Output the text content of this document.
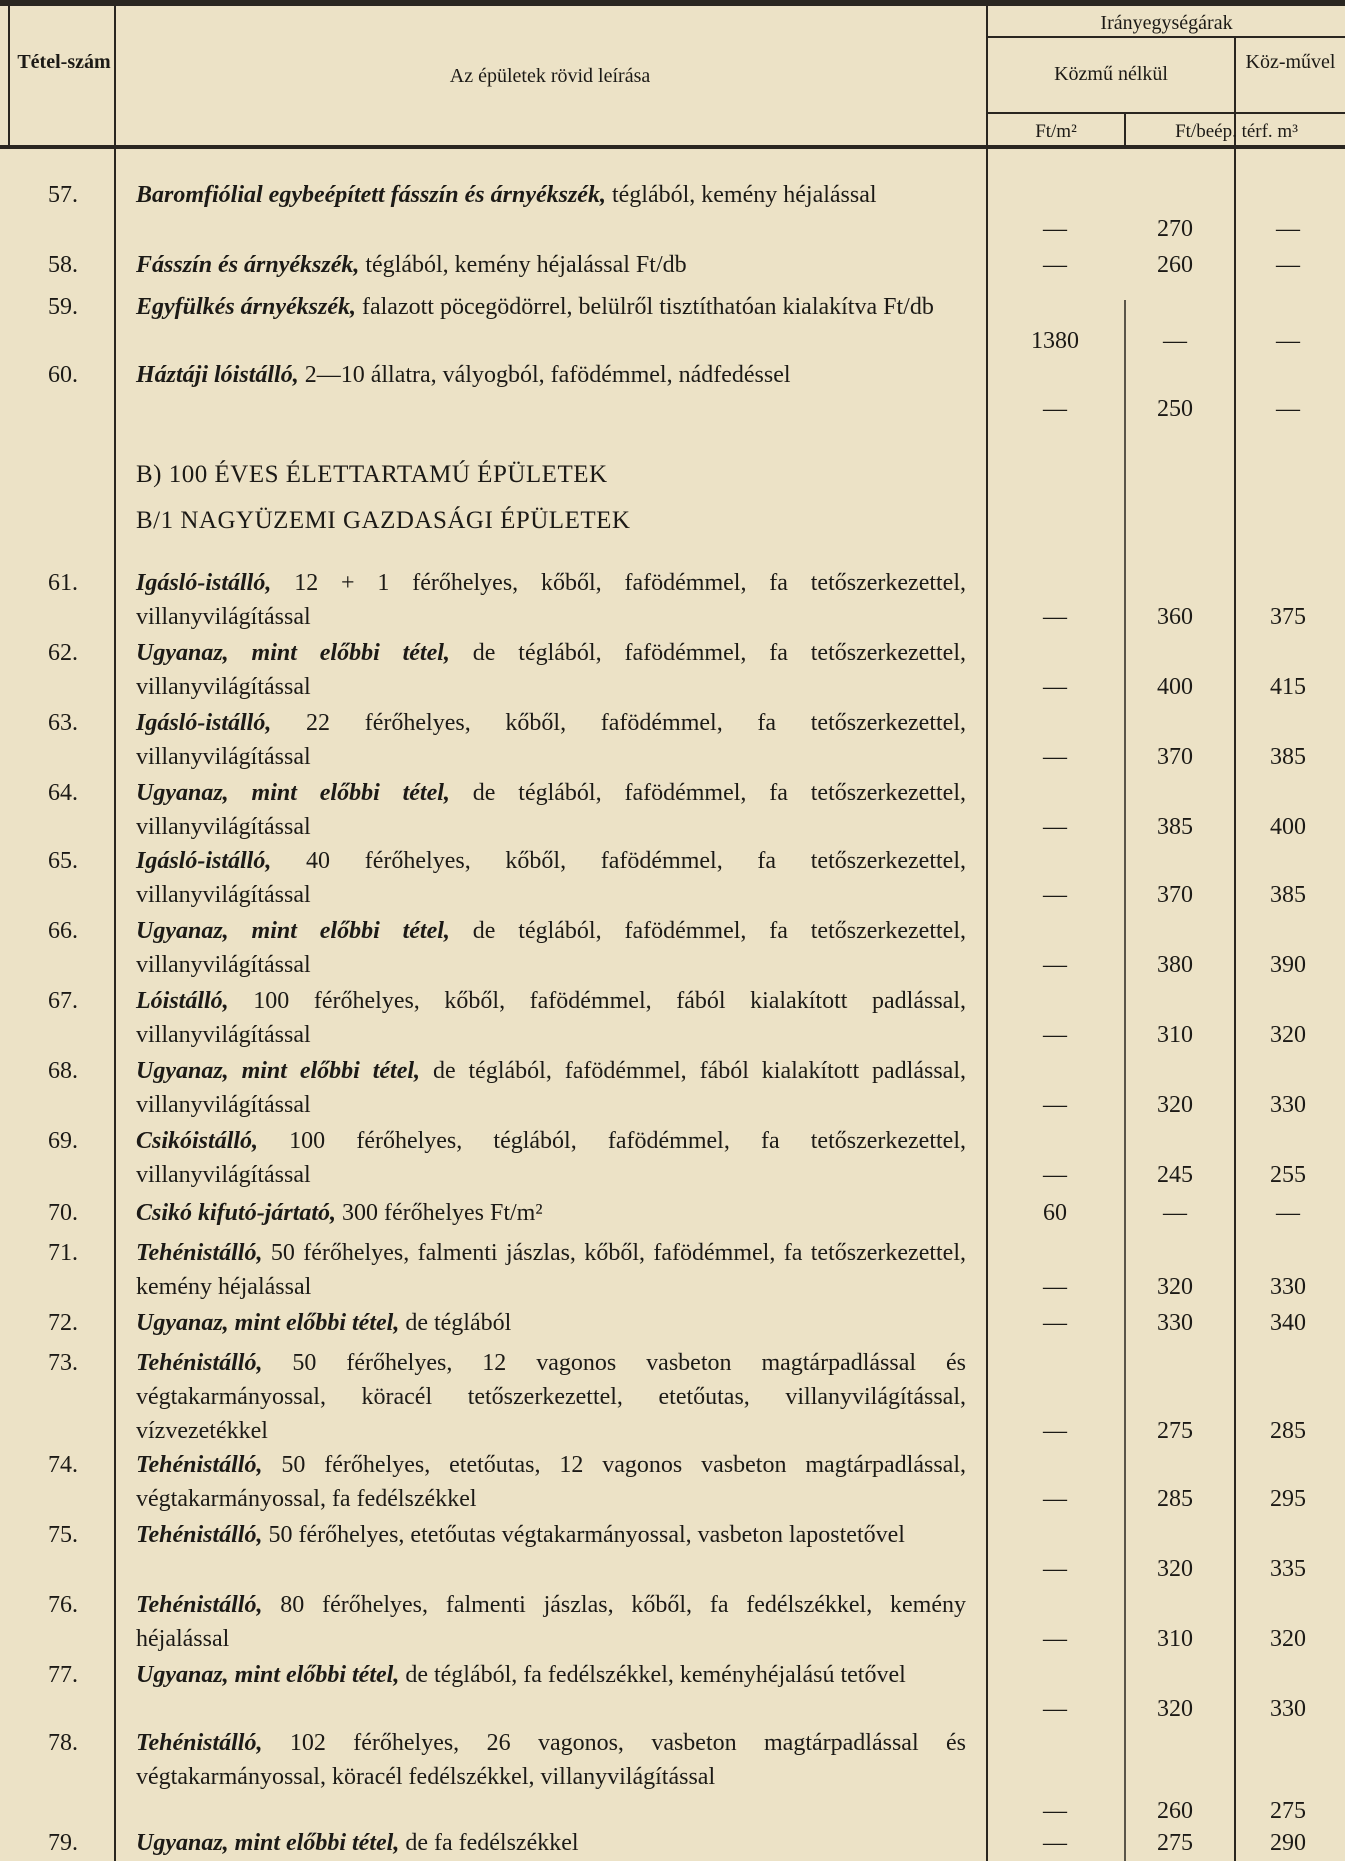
Tétel-szám
Az épületek rövid leírása
Irányegységárak
Közmű nélkül
Köz-művel
Ft/m²	Ft/beép. térf. m³
57.	Baromfiólial egybeépített fásszín és árnyékszék, téglából, kemény héjalással
—	270	—
58.	Fásszín és árnyékszék, téglából, kemény héjalással Ft/db	—	260	—
59.	Egyfülkés árnyékszék, falazott pöcegödörrel, belülről tisztíthatóan kialakítva Ft/db
1380	—	—
60.	Háztáji lóistálló, 2—10 állatra, vályogból, fafödémmel, nádfedéssel
—	250	—
B) 100 ÉVES ÉLETTARTAMÚ ÉPÜLETEK
B/1 NAGYÜZEMI GAZDASÁGI ÉPÜLETEK
61.	Igásló-istálló, 12 + 1 férőhelyes, kőből, fafödémmel, fa tetőszerkezettel, villanyvilágítással	—	360	375
62.	Ugyanaz, mint előbbi tétel, de téglából, fafödémmel, fa tetőszerkezettel, villanyvilágítással	—	400	415
63.	Igásló-istálló, 22 férőhelyes, kőből, fafödémmel, fa tetőszerkezettel, villanyvilágítással	—	370	385
64.	Ugyanaz, mint előbbi tétel, de téglából, fafödémmel, fa tetőszerkezettel, villanyvilágítással	—	385	400
65.	Igásló-istálló, 40 férőhelyes, kőből, fafödémmel, fa tetőszerkezettel, villanyvilágítással	—	370	385
66.	Ugyanaz, mint előbbi tétel, de téglából, fafödémmel, fa tetőszerkezettel, villanyvilágítással	—	380	390
67.	Lóistálló, 100 férőhelyes, kőből, fafödémmel, fából kialakított padlással, villanyvilágítással	—	310	320
68.	Ugyanaz, mint előbbi tétel, de téglából, fafödémmel, fából kialakított padlással, villanyvilágítással	—	320	330
69.	Csikóistálló, 100 férőhelyes, téglából, fafödémmel, fa tetőszerkezettel, villanyvilágítással	—	245	255
70.	Csikó kifutó-jártató, 300 férőhelyes Ft/m²	60	—	—
71.	Tehénistálló, 50 férőhelyes, falmenti jászlas, kőből, fafödémmel, fa tetőszerkezettel, kemény héjalással	—	320	330
72.	Ugyanaz, mint előbbi tétel, de téglából	—	330	340
73.	Tehénistálló, 50 férőhelyes, 12 vagonos vasbeton magtárpadlással és végtakarmányossal, köracél tetőszerkezettel, etetőutas, villanyvilágítással, vízvezetékkel	—	275	285
74.	Tehénistálló, 50 férőhelyes, etetőutas, 12 vagonos vasbeton magtárpadlással, végtakarmányossal, fa fedélszékkel	—	285	295
75.	Tehénistálló, 50 férőhelyes, etetőutas végtakarmányossal, vasbeton lapostetővel
—	320	335
76.	Tehénistálló, 80 férőhelyes, falmenti jászlas, kőből, fa fedélszékkel, kemény héjalással	—	310	320
77.	Ugyanaz, mint előbbi tétel, de téglából, fa fedélszékkel, keményhéjalású tetővel
—	320	330
78.	Tehénistálló, 102 férőhelyes, 26 vagonos, vasbeton magtárpadlással és végtakarmányossal, köracél fedélszékkel, villanyvilágítással
—	260	275
79.	Ugyanaz, mint előbbi tétel, de fa fedélszékkel	—	275	290
